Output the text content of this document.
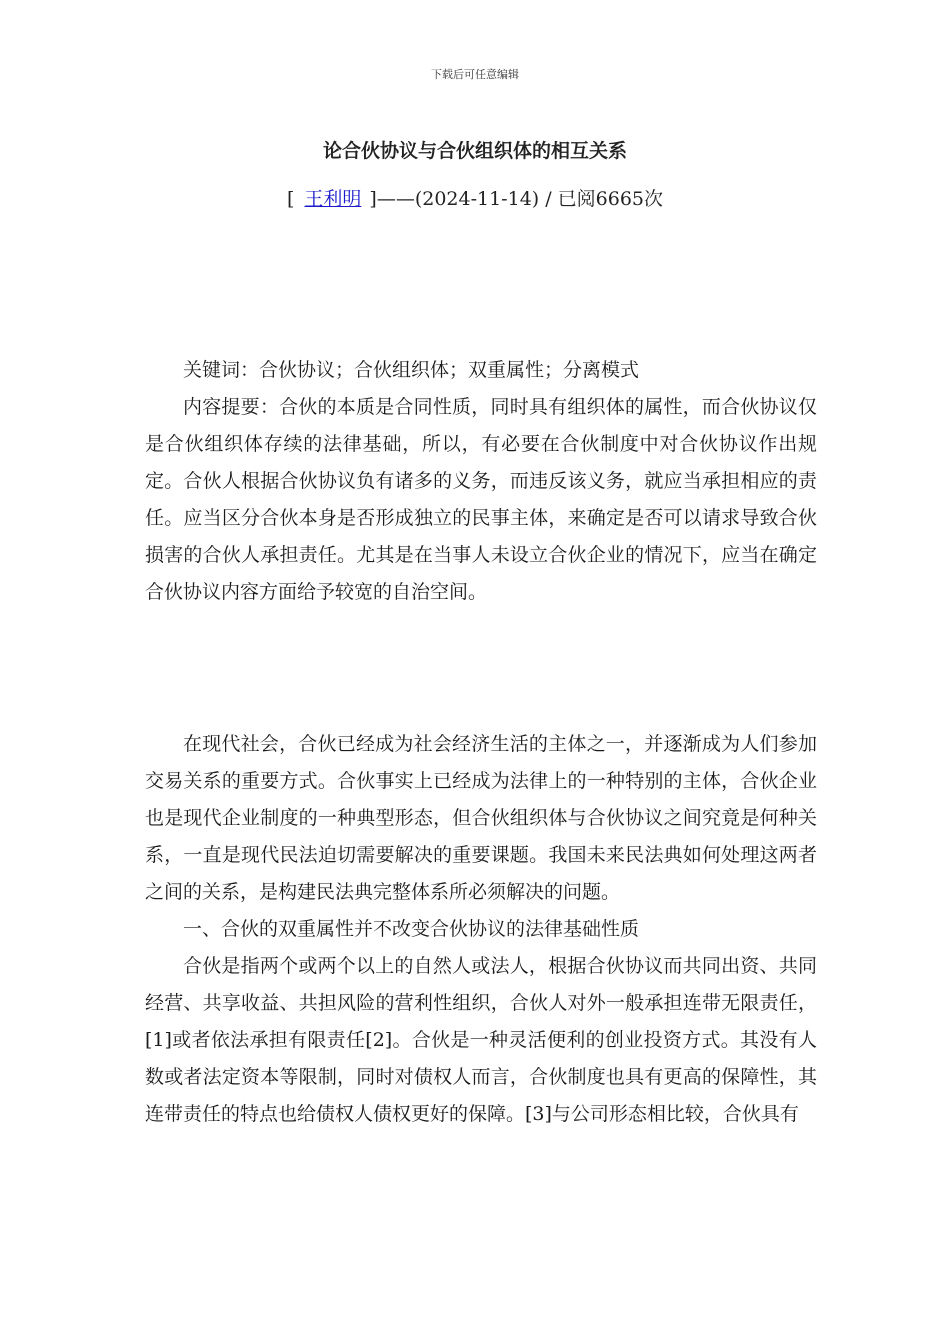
下载后可任意编辑
论合伙协议与合伙组织体的相互关系
[ 王利明 ]——(2024-11-14) / 已阅6665次

关键词：合伙协议；合伙组织体；双重属性；分离模式

内容提要：合伙的本质是合同性质，同时具有组织体的属性，而合伙协议仅是合伙组织体存续的法律基础，所以，有必要在合伙制度中对合伙协议作出规定。合伙人根据合伙协议负有诸多的义务，而违反该义务，就应当承担相应的责任。应当区分合伙本身是否形成独立的民事主体，来确定是否可以请求导致合伙损害的合伙人承担责任。尤其是在当事人未设立合伙企业的情况下，应当在确定合伙协议内容方面给予较宽的自治空间。

在现代社会，合伙已经成为社会经济生活的主体之一，并逐渐成为人们参加交易关系的重要方式。合伙事实上已经成为法律上的一种特别的主体，合伙企业也是现代企业制度的一种典型形态，但合伙组织体与合伙协议之间究竟是何种关系，一直是现代民法迫切需要解决的重要课题。我国未来民法典如何处理这两者之间的关系，是构建民法典完整体系所必须解决的问题。

一、合伙的双重属性并不改变合伙协议的法律基础性质

合伙是指两个或两个以上的自然人或法人，根据合伙协议而共同出资、共同经营、共享收益、共担风险的营利性组织，合伙人对外一般承担连带无限责任，[1]或者依法承担有限责任[2]。合伙是一种灵活便利的创业投资方式。其没有人数或者法定资本等限制，同时对债权人而言，合伙制度也具有更高的保障性，其连带责任的特点也给债权人债权更好的保障。[3]与公司形态相比较，合伙具有
